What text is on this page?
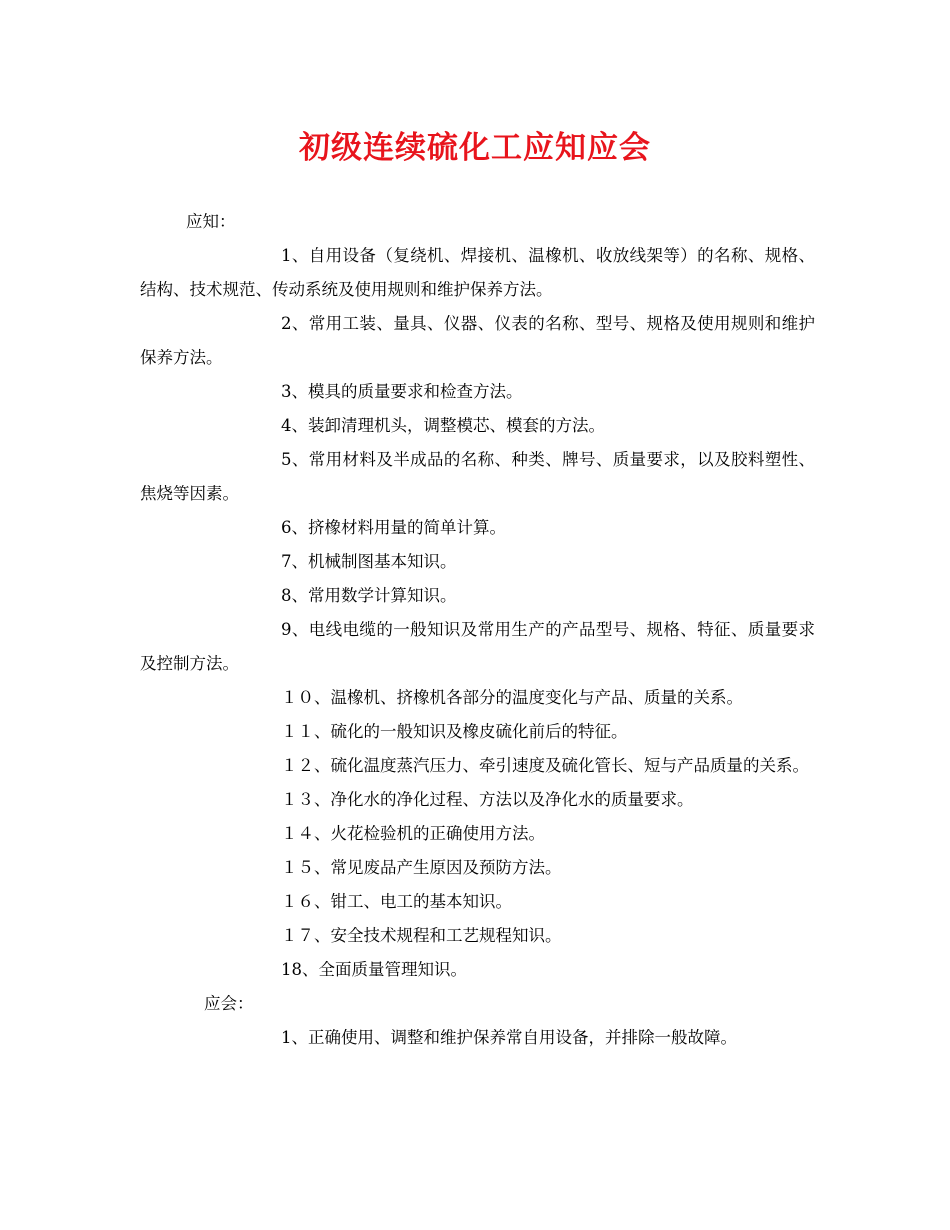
初级连续硫化工应知应会
应知：

1、自用设备（复绕机、焊接机、温橡机、收放线架等）的名称、规格、结构、技术规范、传动系统及使用规则和维护保养方法。

2、常用工装、量具、仪器、仪表的名称、型号、规格及使用规则和维护保养方法。

3、模具的质量要求和检查方法。

4、装卸清理机头，调整模芯、模套的方法。

5、常用材料及半成品的名称、种类、牌号、质量要求，以及胶料塑性、焦烧等因素。

6、挤橡材料用量的简单计算。

7、机械制图基本知识。

8、常用数学计算知识。

9、电线电缆的一般知识及常用生产的产品型号、规格、特征、质量要求及控制方法。

１０、温橡机、挤橡机各部分的温度变化与产品、质量的关系。

１１、硫化的一般知识及橡皮硫化前后的特征。

１２、硫化温度蒸汽压力、牵引速度及硫化管长、短与产品质量的关系。

１３、净化水的净化过程、方法以及净化水的质量要求。

１４、火花检验机的正确使用方法。

１５、常见废品产生原因及预防方法。

１６、钳工、电工的基本知识。

１７、安全技术规程和工艺规程知识。

18、全面质量管理知识。

应会：

1、正确使用、调整和维护保养常自用设备，并排除一般故障。
